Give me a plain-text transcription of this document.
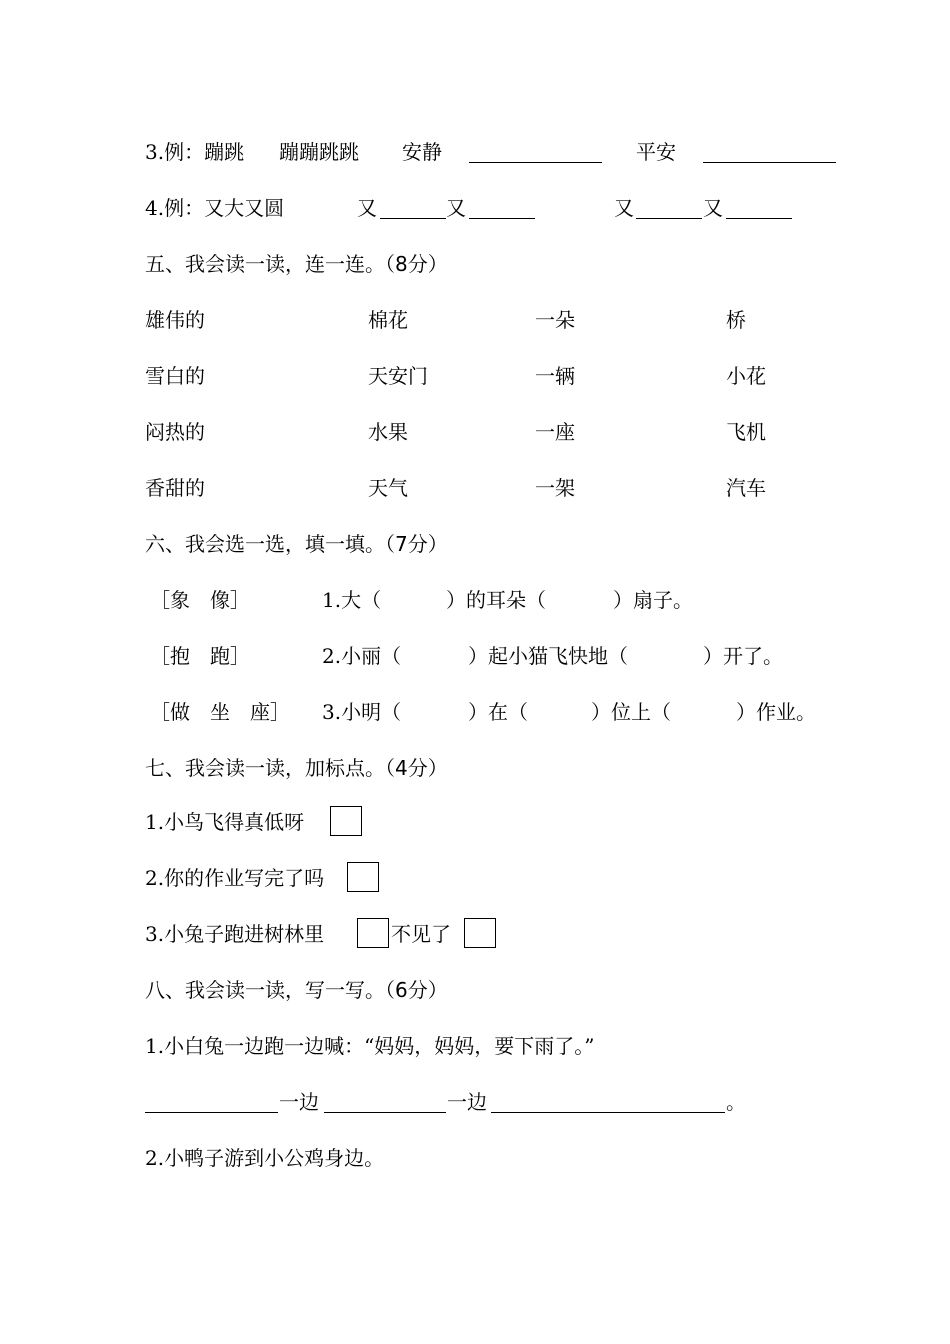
3.例：蹦跳 蹦蹦跳跳 安静	平安
4.例：又大又圆	又	又	又	又
五、我会读一读，连一连。（8分）
雄伟的	棉花	一朵	桥
雪白的	天安门	一辆	小花
闷热的	水果	一座	飞机
香甜的	天气	一架	汽车
六、我会选一选，填一填。（7分）
［象　像］	1.大（	）的耳朵（	）扇子。
［抱　跑］	2.小丽（	）起小猫飞快地（	）开了。
［做　坐　座］ 3.小明（	）在（	）位上（	）作业。
七、我会读一读，加标点。（4分）
1.小鸟飞得真低呀
2.你的作业写完了吗
3.小兔子跑进树林里	不见了
八、我会读一读，写一写。（6分）
1.小白兔一边跑一边喊：“妈妈，妈妈，要下雨了。”
一边	一边	。
2.小鸭子游到小公鸡身边。
